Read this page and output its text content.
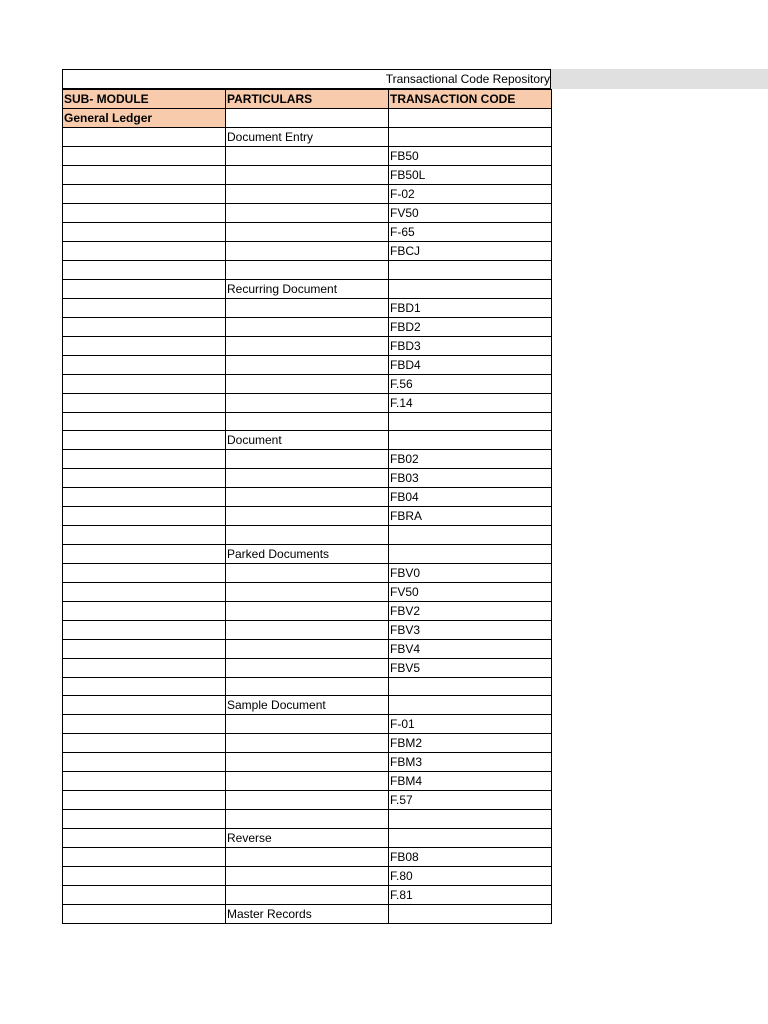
Transactional Code Repository
SUB- MODULE	PARTICULARS	TRANSACTION CODE
General Ledger		
	Document Entry	
		FB50
		FB50L
		F-02
		FV50
		F-65
		FBCJ

	Recurring Document	
		FBD1
		FBD2
		FBD3
		FBD4
		F.56
		F.14

	Document	
		FB02
		FB03
		FB04
		FBRA

	Parked Documents	
		FBV0
		FV50
		FBV2
		FBV3
		FBV4
		FBV5

	Sample Document	
		F-01
		FBM2
		FBM3
		FBM4
		F.57

	Reverse	
		FB08
		F.80
		F.81
	Master Records	
